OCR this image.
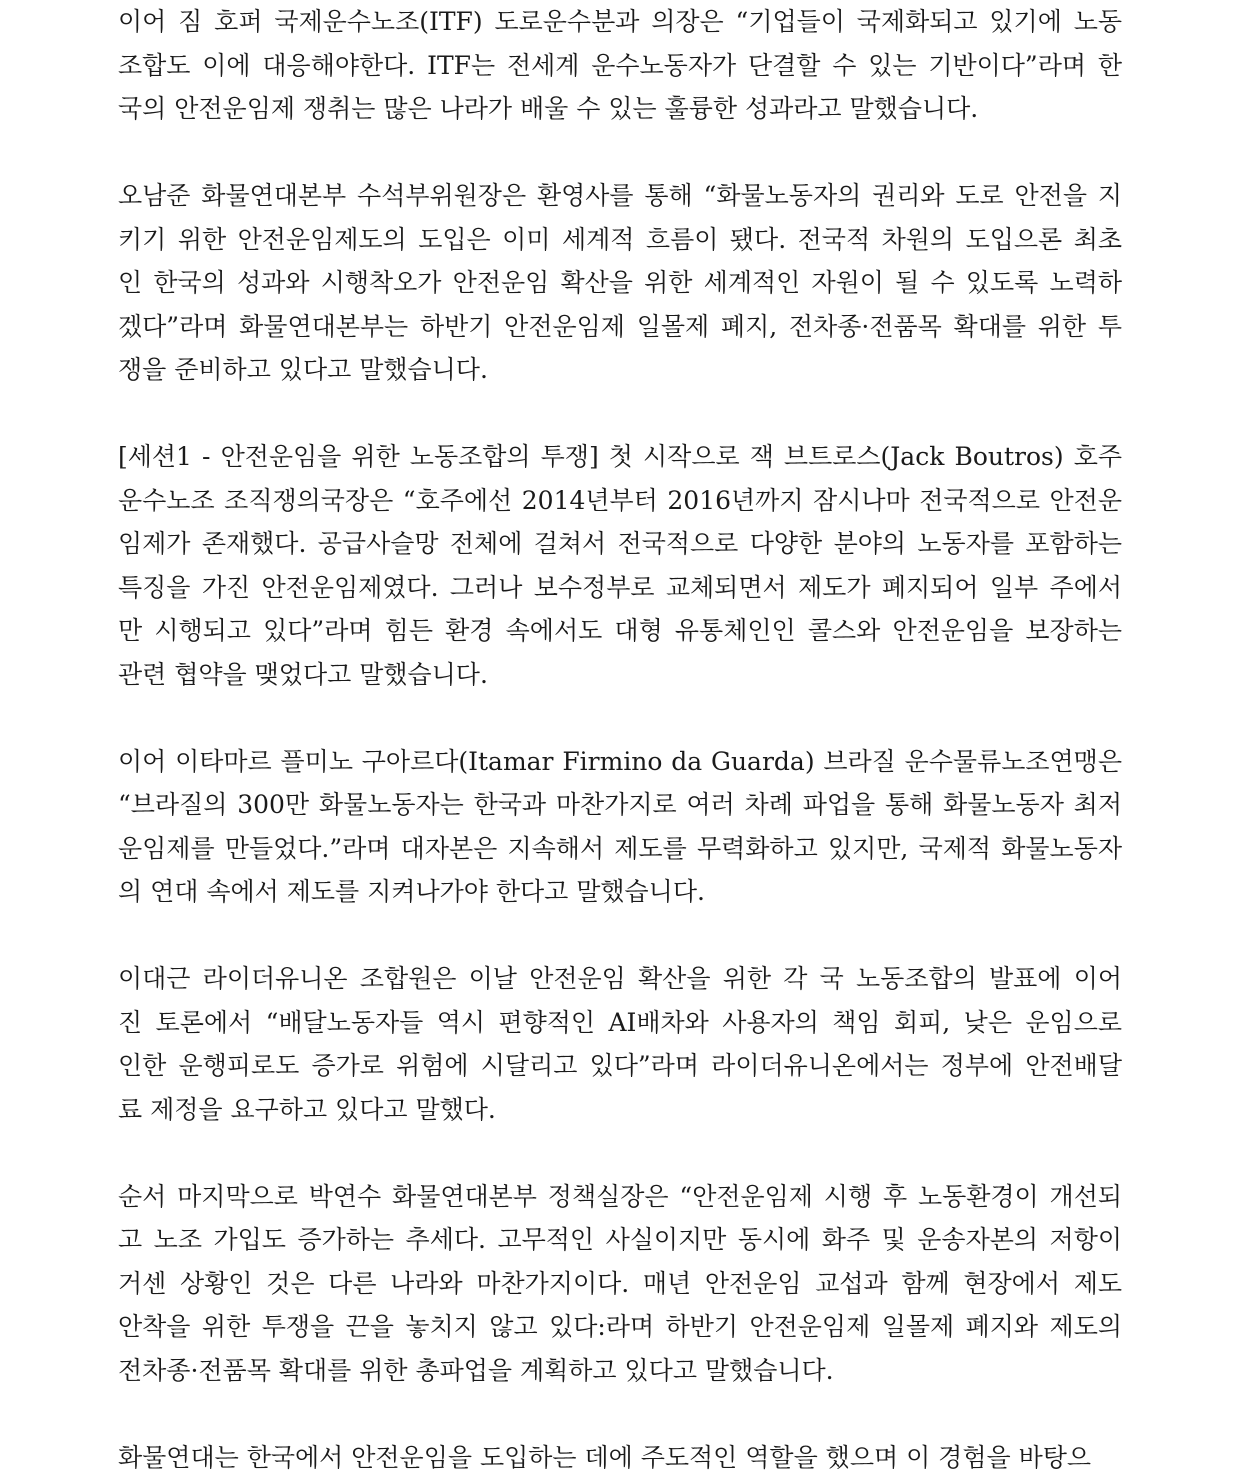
이어 짐 호퍼 국제운수노조(ITF) 도로운수분과 의장은 “기업들이 국제화되고 있기에 노동
조합도 이에 대응해야한다. ITF는 전세계 운수노동자가 단결할 수 있는 기반이다”라며 한
국의 안전운임제 쟁취는 많은 나라가 배울 수 있는 훌륭한 성과라고 말했습니다.

오남준 화물연대본부 수석부위원장은 환영사를 통해 “화물노동자의 권리와 도로 안전을 지
키기 위한 안전운임제도의 도입은 이미 세계적 흐름이 됐다. 전국적 차원의 도입으론 최초
인 한국의 성과와 시행착오가 안전운임 확산을 위한 세계적인 자원이 될 수 있도록 노력하
겠다”라며 화물연대본부는 하반기 안전운임제 일몰제 폐지, 전차종·전품목 확대를 위한 투
쟁을 준비하고 있다고 말했습니다.

[세션1 - 안전운임을 위한 노동조합의 투쟁] 첫 시작으로 잭 브트로스(Jack Boutros) 호주
운수노조 조직쟁의국장은 “호주에선 2014년부터 2016년까지 잠시나마 전국적으로 안전운
임제가 존재했다. 공급사슬망 전체에 걸쳐서 전국적으로 다양한 분야의 노동자를 포함하는
특징을 가진 안전운임제였다. 그러나 보수정부로 교체되면서 제도가 폐지되어 일부 주에서
만 시행되고 있다”라며 힘든 환경 속에서도 대형 유통체인인 콜스와 안전운임을 보장하는
관련 협약을 맺었다고 말했습니다.

이어 이타마르 플미노 구아르다(Itamar Firmino da Guarda) 브라질 운수물류노조연맹은
“브라질의 300만 화물노동자는 한국과 마찬가지로 여러 차례 파업을 통해 화물노동자 최저
운임제를 만들었다.”라며 대자본은 지속해서 제도를 무력화하고 있지만, 국제적 화물노동자
의 연대 속에서 제도를 지켜나가야 한다고 말했습니다.

이대근 라이더유니온 조합원은 이날 안전운임 확산을 위한 각 국 노동조합의 발표에 이어
진 토론에서 “배달노동자들 역시 편향적인 AI배차와 사용자의 책임 회피, 낮은 운임으로
인한 운행피로도 증가로 위험에 시달리고 있다”라며 라이더유니온에서는 정부에 안전배달
료 제정을 요구하고 있다고 말했다.

순서 마지막으로 박연수 화물연대본부 정책실장은 “안전운임제 시행 후 노동환경이 개선되
고 노조 가입도 증가하는 추세다. 고무적인 사실이지만 동시에 화주 및 운송자본의 저항이
거센 상황인 것은 다른 나라와 마찬가지이다. 매년 안전운임 교섭과 함께 현장에서 제도
안착을 위한 투쟁을 끈을 놓치지 않고 있다:라며 하반기 안전운임제 일몰제 폐지와 제도의
전차종·전품목 확대를 위한 총파업을 계획하고 있다고 말했습니다.

화물연대는 한국에서 안전운임을 도입하는 데에 주도적인 역할을 했으며 이 경험을 바탕으
